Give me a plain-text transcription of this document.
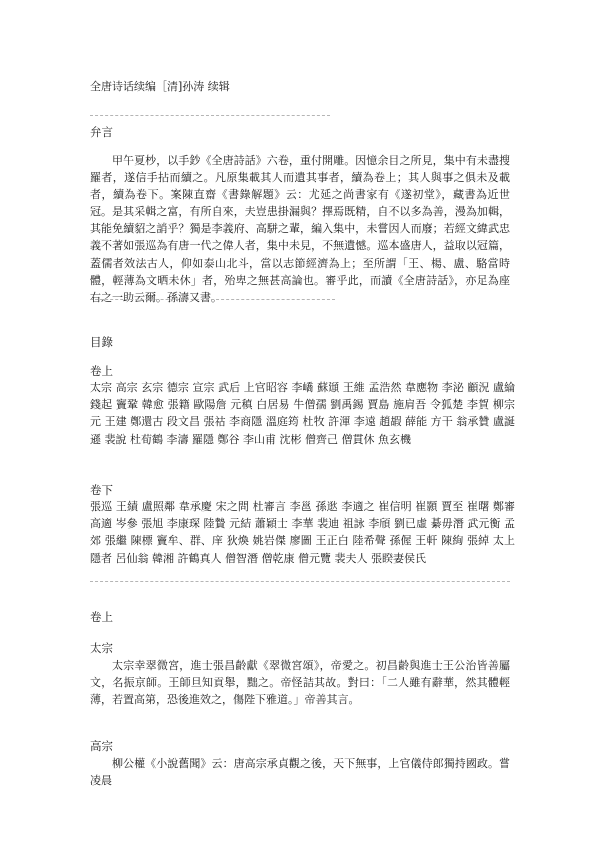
全唐诗话续编［清]孙涛 续辑
弁言

甲午夏杪，以手鈔《全唐詩話》六卷，重付開雕。因憶余目之所見，集中有未盡搜羅者，遂信手拈而續之。凡原集載其人而遺其事者，續為卷上；其人與事之俱未及載者，續為卷下。案陳直齋《書錄解題》云：尤延之尚書家有《遂初堂》，藏書為近世冠。是其采輯之富，有所自來，夫豈患掛漏與？擇焉既精，自不以多為善，漫為加輯，其能免續貂之誚乎？獨是李義府、高駢之輩，編入集中，未嘗因人而廢；若經文緯武忠義不著如張巡為有唐一代之偉人者，集中未見，不無遺憾。巡本盛唐人，益取以冠篇，蓋儒者效法古人，仰如泰山北斗，當以志節經濟為上；至所謂「王、楊、盧、駱當時體，輕薄為文晒未休」者，殆卑之無甚高論也。審乎此，而讀《全唐詩話》，亦足為座右之一助云爾。孫濤又書。

目錄
卷上

太宗 高宗 玄宗 德宗 宣宗 武后 上官昭容 李嶠 蘇頲 王維 孟浩然 韋應物 李泌 顧況 盧綸 錢起 竇鞏 韓愈 張籍 歐陽詹 元稹 白居易 牛僧孺 劉禹錫 賈島 施肩吾 令狐楚 李賀 柳宗元 王建 鄭還古 段文昌 張祜 李商隱 溫庭筠 杜牧 許渾 李遠 趙嘏 薛能 方干 翁承贊 盧誕遜 裴說 杜荀鶴 李濤 羅隱 鄭谷 李山甫 沈彬 僧齊己 僧貫休 魚玄機

卷下

張巡 王績 盧照鄰 韋承慶 宋之問 杜審言 李邕 孫逖 李適之 崔信明 崔顥 賈至 崔曙 鄭審 高適 岑參 張旭 李康琛 陸贄 元結 蕭穎士 李華 裴迪 祖詠 李頎 劉已虛 綦毋潛 武元衡 孟郊 張繼 陳標 竇牟、群、庠 狄煥 姚岩傑 廖圖 王正白 陸希聲 孫偓 王軒 陳絢 張綽 太上隱者 呂仙翁 韓湘 許鶴真人 僧智潛 僧乾康 僧元覽 裴夫人 張睽妻侯氏

卷上
太宗

太宗幸翠微宮，進士張昌齡獻《翠微宮頌》，帝愛之。初昌齡與進士王公治皆善屬文，名振京師。王師旦知貢舉，黜之。帝怪詰其故。對曰：「二人雖有辭華，然其體輕薄，若置高第，恐後進效之，傷陛下雅道。」帝善其言。

高宗

柳公權《小說舊聞》云：唐高宗承貞觀之後，天下無事，上官儀侍郎獨持國政。嘗凌晨
